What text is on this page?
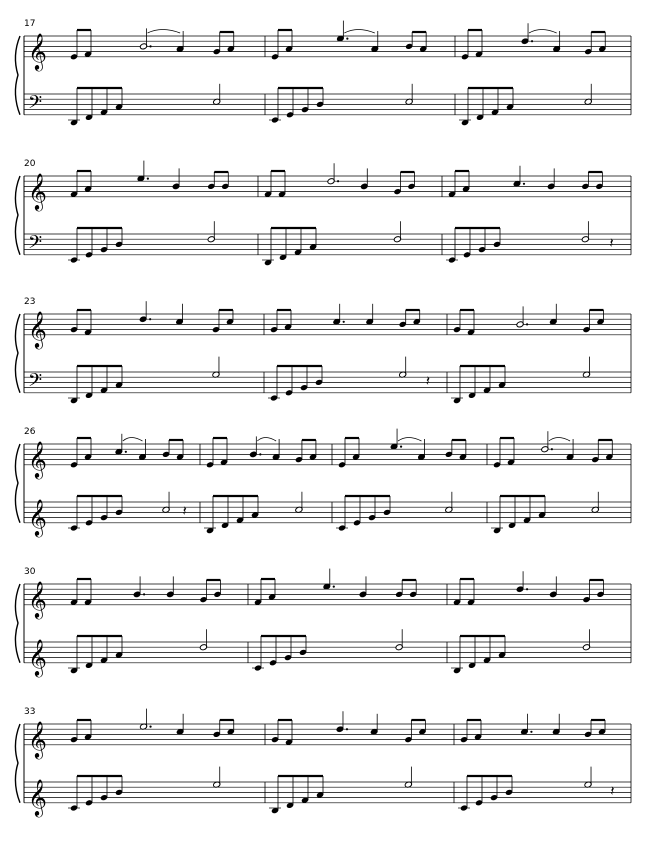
17
𝄞
𝄢
20
𝄞
𝄢	𝄽
23
𝄞
𝄢	𝄽
26
𝄞
𝄞	𝄽
30
𝄞
𝄞
33
𝄞
𝄞	𝄽
